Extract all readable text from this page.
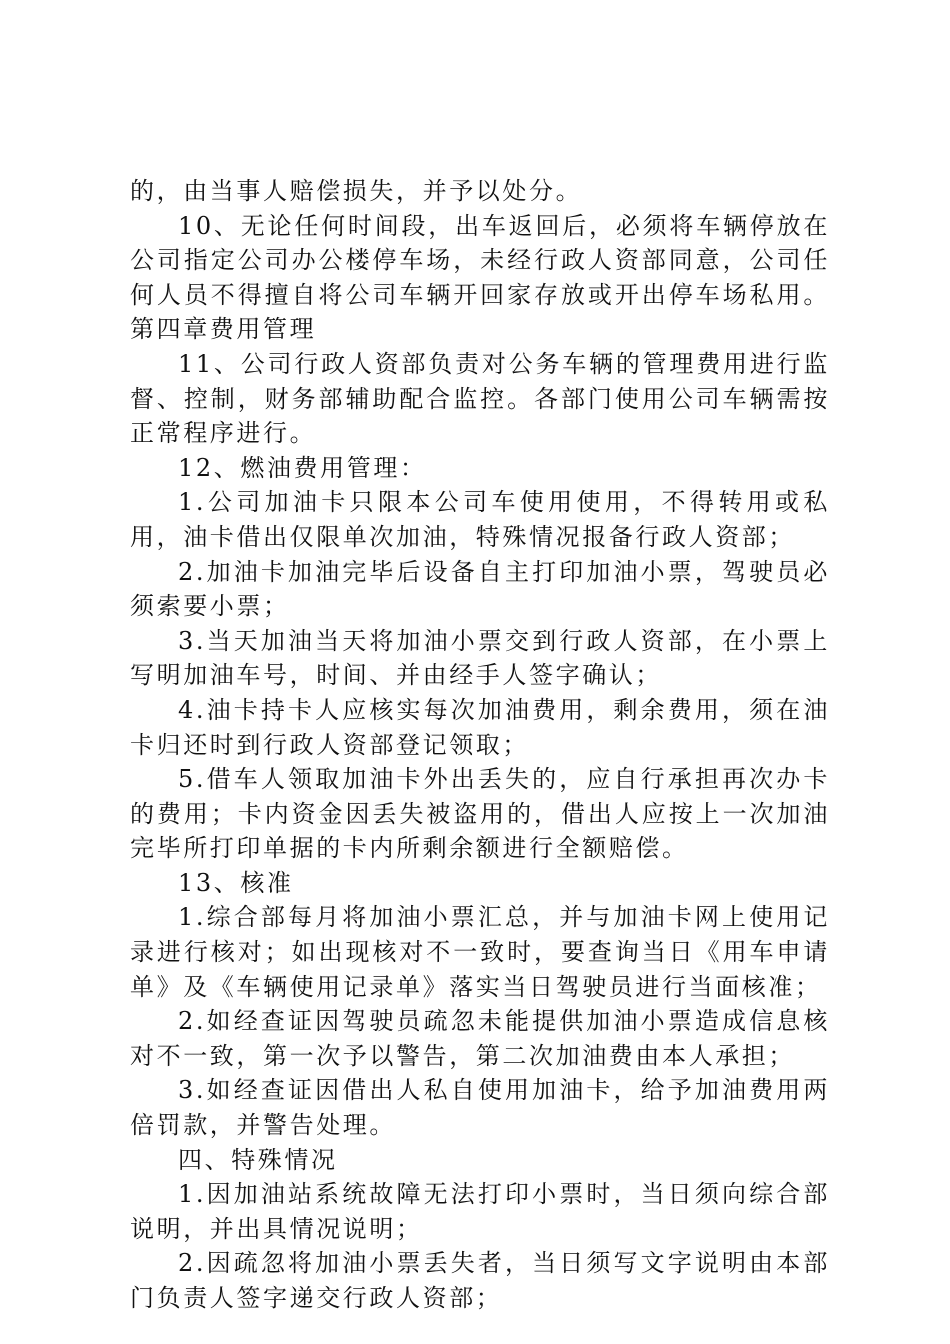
的，由当事人赔偿损失，并予以处分。

10、无论任何时间段，出车返回后，必须将车辆停放在公司指定公司办公楼停车场，未经行政人资部同意，公司任何人员不得擅自将公司车辆开回家存放或开出停车场私用。第四章费用管理

11、公司行政人资部负责对公务车辆的管理费用进行监督、控制，财务部辅助配合监控。各部门使用公司车辆需按正常程序进行。

12、燃油费用管理：

1.公司加油卡只限本公司车使用使用，不得转用或私用，油卡借出仅限单次加油，特殊情况报备行政人资部；

2.加油卡加油完毕后设备自主打印加油小票，驾驶员必须索要小票；

3.当天加油当天将加油小票交到行政人资部，在小票上写明加油车号，时间、并由经手人签字确认；

4.油卡持卡人应核实每次加油费用，剩余费用，须在油卡归还时到行政人资部登记领取；

5.借车人领取加油卡外出丢失的，应自行承担再次办卡的费用；卡内资金因丢失被盗用的，借出人应按上一次加油完毕所打印单据的卡内所剩余额进行全额赔偿。

13、核准

1.综合部每月将加油小票汇总，并与加油卡网上使用记录进行核对；如出现核对不一致时，要查询当日《用车申请单》及《车辆使用记录单》落实当日驾驶员进行当面核准；

2.如经查证因驾驶员疏忽未能提供加油小票造成信息核对不一致，第一次予以警告，第二次加油费由本人承担；

3.如经查证因借出人私自使用加油卡，给予加油费用两倍罚款，并警告处理。

四、特殊情况

1.因加油站系统故障无法打印小票时，当日须向综合部说明，并出具情况说明；

2.因疏忽将加油小票丢失者，当日须写文字说明由本部门负责人签字递交行政人资部；
